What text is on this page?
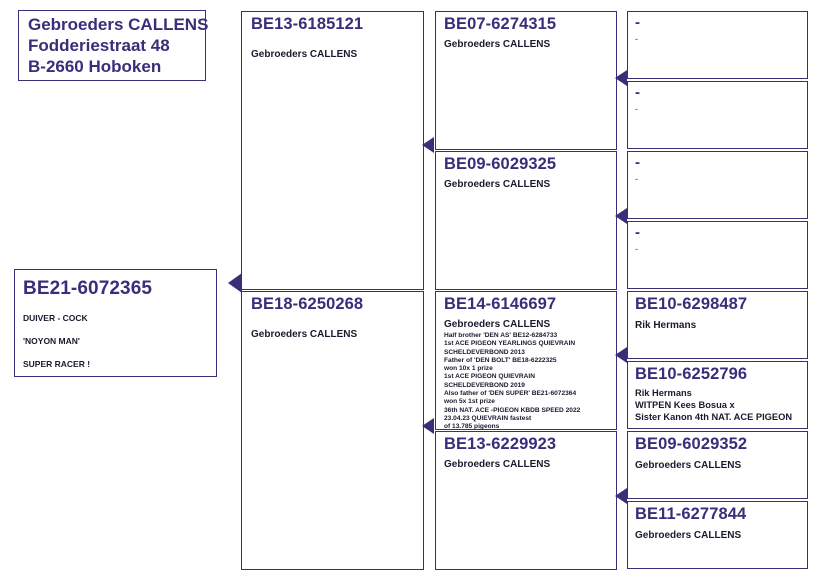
Gebroeders CALLENS
Fodderiestraat 48
B-2660 Hoboken
BE21-6072365
DUIVER - COCK
'NOYON MAN'
SUPER RACER !
BE13-6185121
Gebroeders CALLENS
BE18-6250268
Gebroeders CALLENS
BE07-6274315
Gebroeders CALLENS
BE09-6029325
Gebroeders CALLENS
BE14-6146697
Gebroeders CALLENS
Half brother 'DEN AS' BE12-6284733
1st ACE PIGEON YEARLINGS QUIEVRAIN
SCHELDEVERBOND 2013
Father of 'DEN BOLT' BE18-6222325
won 10x 1 prize
1st ACE PIGEON QUIEVRAIN
SCHELDEVERBOND 2019
Also father of 'DEN SUPER' BE21-6072364
won 5x 1st prize
36th NAT. ACE -PIGEON KBDB SPEED 2022
23.04.23 QUIEVRAIN fastest
of 13.785 pigeons
BE13-6229923
Gebroeders CALLENS
-
-
-
-
-
-
-
-
BE10-6298487
Rik Hermans
BE10-6252796
Rik Hermans
WITPEN Kees Bosua x
Sister Kanon 4th NAT. ACE PIGEON
BE09-6029352
Gebroeders CALLENS
BE11-6277844
Gebroeders CALLENS
